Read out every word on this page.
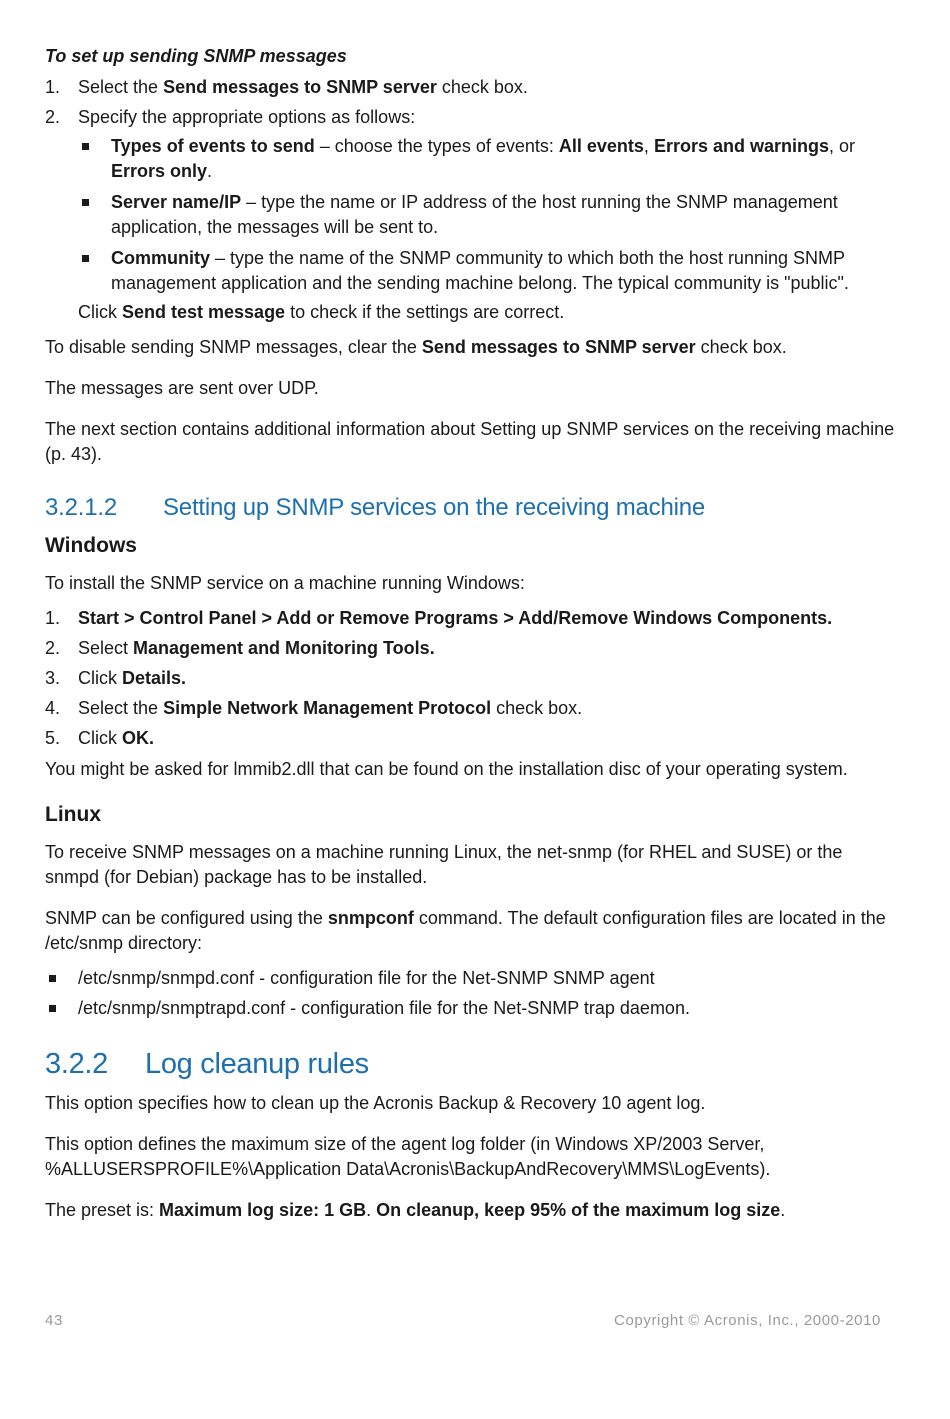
To set up sending SNMP messages
1. Select the Send messages to SNMP server check box.
2. Specify the appropriate options as follows:
Types of events to send – choose the types of events: All events, Errors and warnings, or Errors only.
Server name/IP – type the name or IP address of the host running the SNMP management application, the messages will be sent to.
Community – type the name of the SNMP community to which both the host running SNMP management application and the sending machine belong. The typical community is "public".

Click Send test message to check if the settings are correct.

To disable sending SNMP messages, clear the Send messages to SNMP server check box.

The messages are sent over UDP.

The next section contains additional information about Setting up SNMP services on the receiving machine (p. 43).

3.2.1.2 Setting up SNMP services on the receiving machine
Windows

To install the SNMP service on a machine running Windows:

1. Start > Control Panel > Add or Remove Programs > Add/Remove Windows Components.
2. Select Management and Monitoring Tools.
3. Click Details.
4. Select the Simple Network Management Protocol check box.
5. Click OK.

You might be asked for lmmib2.dll that can be found on the installation disc of your operating system.

Linux

To receive SNMP messages on a machine running Linux, the net-snmp (for RHEL and SUSE) or the snmpd (for Debian) package has to be installed.

SNMP can be configured using the snmpconf command. The default configuration files are located in the /etc/snmp directory:

/etc/snmp/snmpd.conf - configuration file for the Net-SNMP SNMP agent
/etc/snmp/snmptrapd.conf - configuration file for the Net-SNMP trap daemon.
3.2.2 Log cleanup rules

This option specifies how to clean up the Acronis Backup & Recovery 10 agent log.

This option defines the maximum size of the agent log folder (in Windows XP/2003 Server, %ALLUSERSPROFILE%\Application Data\Acronis\BackupAndRecovery\MMS\LogEvents).

The preset is: Maximum log size: 1 GB. On cleanup, keep 95% of the maximum log size.

43	Copyright © Acronis, Inc., 2000-2010
